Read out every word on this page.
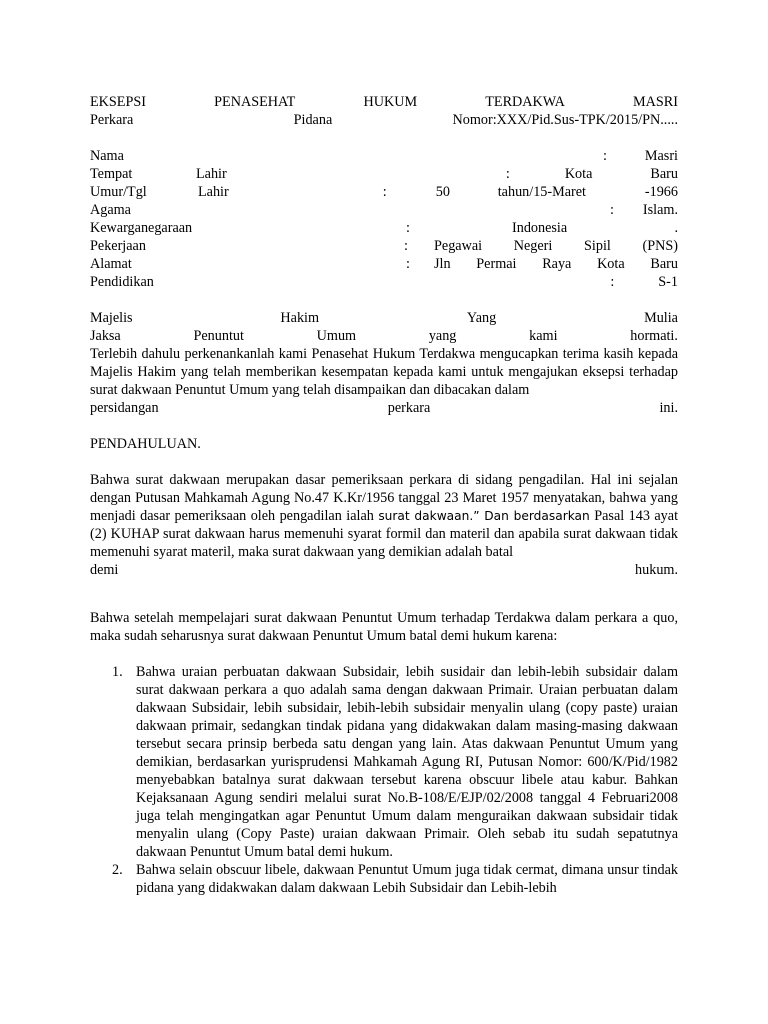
EKSEPSI	PENASEHAT	HUKUM	TERDAKWA	MASRI
Perkara	Pidana	Nomor:XXX/Pid.Sus-TPK/2015/PN.....
Nama	:	Masri
Tempat	Lahir	:	Kota	Baru
Umur/Tgl	Lahir	:	50	tahun/15-Maret	-1966
Agama	: Islam.
Kewarganegaraan	:	Indonesia	.
Pekerjaan	:	Pegawai Negeri Sipil (PNS)
Alamat	:	Jln Permai Raya Kota Baru
Pendidikan	:	S-1
Majelis	Hakim	Yang	Mulia
Jaksa	Penuntut	Umum	yang	kami	hormati.
Terlebih dahulu perkenankanlah kami Penasehat Hukum Terdakwa mengucapkan terima kasih kepada Majelis Hakim yang telah memberikan kesempatan kepada kami untuk mengajukan eksepsi terhadap surat dakwaan Penuntut Umum yang telah disampaikan dan dibacakan dalam
persidangan	perkara	ini.
PENDAHULUAN.
Bahwa surat dakwaan merupakan dasar pemeriksaan perkara di sidang pengadilan. Hal ini sejalan dengan Putusan Mahkamah Agung No.47 K.Kr/1956 tanggal 23 Maret 1957 menyatakan, bahwa yang menjadi dasar pemeriksaan oleh pengadilan ialah surat dakwaan.” Dan berdasarkan Pasal 143 ayat (2) KUHAP surat dakwaan harus memenuhi syarat formil dan materil dan apabila surat dakwaan tidak memenuhi syarat materil, maka surat dakwaan yang demikian adalah batal
demi	hukum.
Bahwa setelah mempelajari surat dakwaan Penuntut Umum terhadap Terdakwa dalam perkara a quo, maka sudah seharusnya surat dakwaan Penuntut Umum batal demi hukum karena:
1. Bahwa uraian perbuatan dakwaan Subsidair, lebih susidair dan lebih-lebih subsidair dalam surat dakwaan perkara a quo adalah sama dengan dakwaan Primair. Uraian perbuatan dalam dakwaan Subsidair, lebih subsidair, lebih-lebih subsidair menyalin ulang (copy paste) uraian dakwaan primair, sedangkan tindak pidana yang didakwakan dalam masing-masing dakwaan tersebut secara prinsip berbeda satu dengan yang lain. Atas dakwaan Penuntut Umum yang demikian, berdasarkan yurisprudensi Mahkamah Agung RI, Putusan Nomor: 600/K/Pid/1982 menyebabkan batalnya surat dakwaan tersebut karena obscuur libele atau kabur. Bahkan Kejaksanaan Agung sendiri melalui surat No.B-108/E/EJP/02/2008 tanggal 4 Februari2008 juga telah mengingatkan agar Penuntut Umum dalam menguraikan dakwaan subsidair tidak menyalin ulang (Copy Paste) uraian dakwaan Primair. Oleh sebab itu sudah sepatutnya dakwaan Penuntut Umum batal demi hukum.
2. Bahwa selain obscuur libele, dakwaan Penuntut Umum juga tidak cermat, dimana unsur tindak pidana yang didakwakan dalam dakwaan Lebih Subsidair dan Lebih-lebih
